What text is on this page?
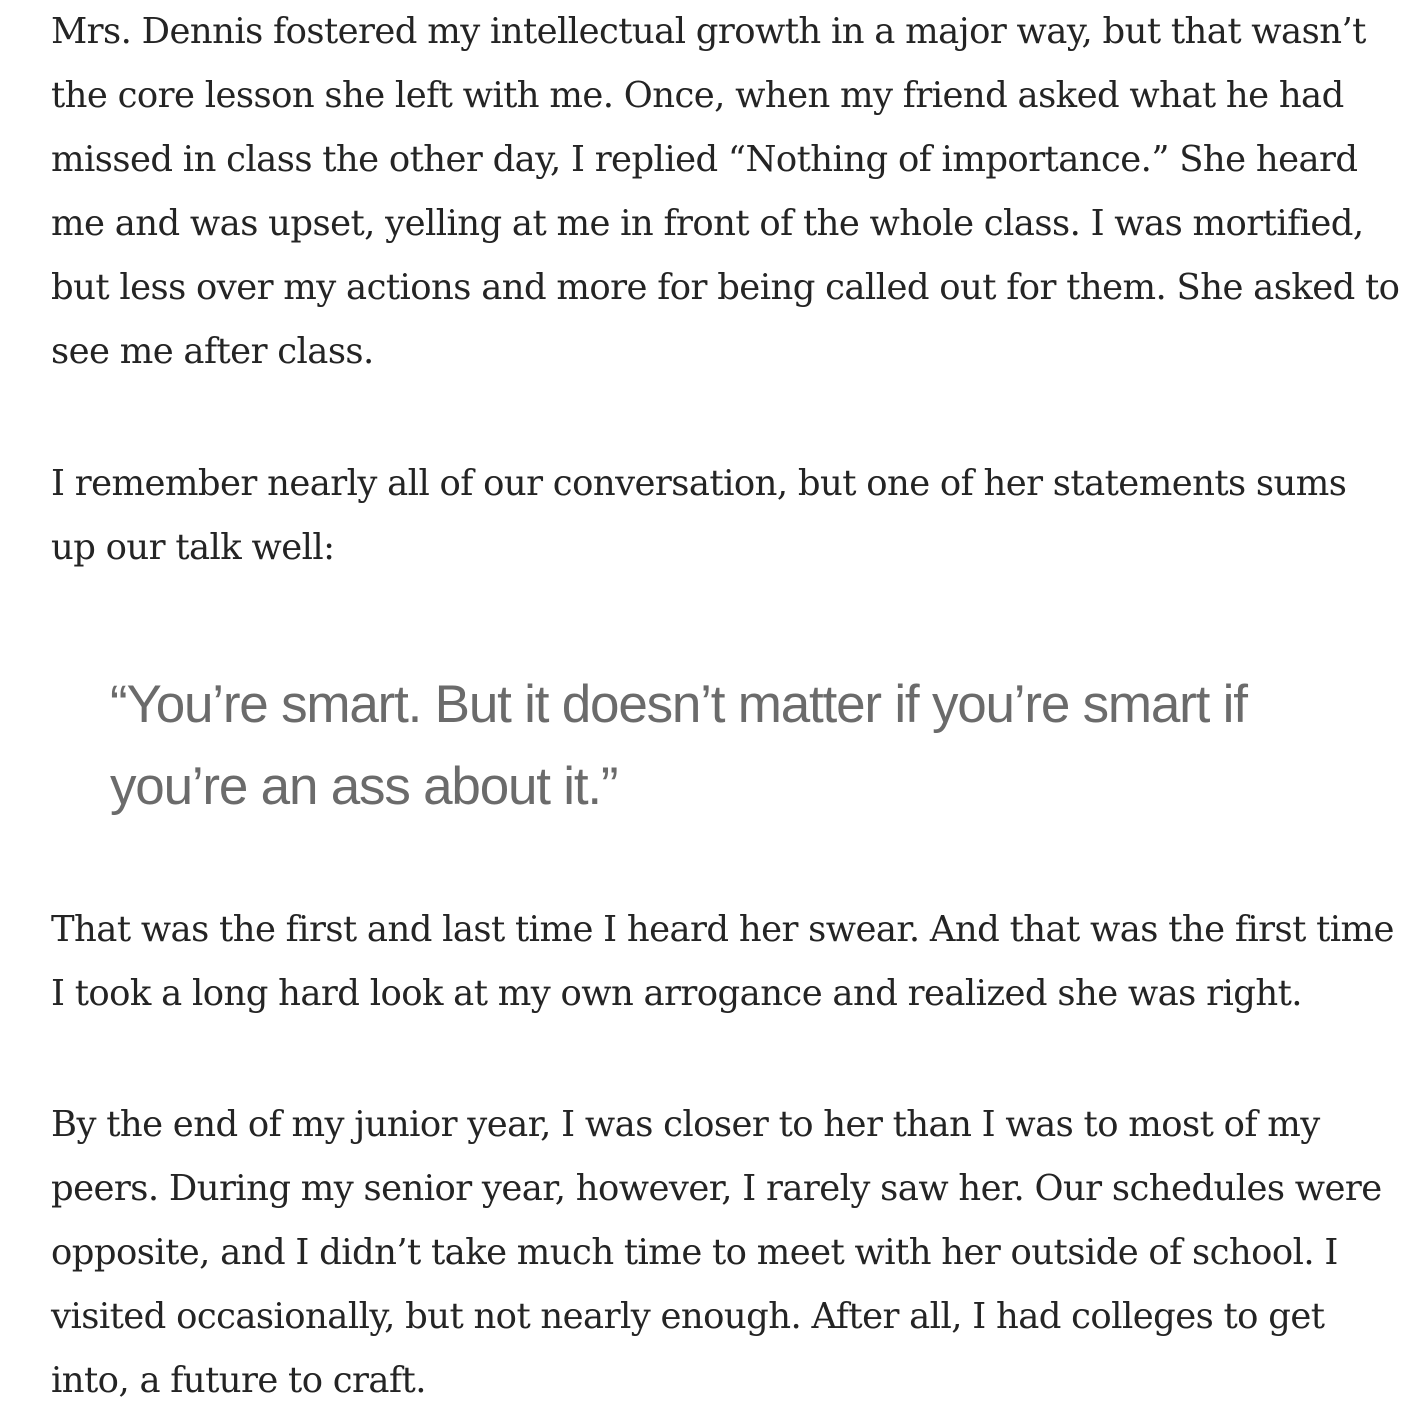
Mrs. Dennis fostered my intellectual growth in a major way, but that wasn’t
the core lesson she left with me. Once, when my friend asked what he had
missed in class the other day, I replied “Nothing of importance.” She heard
me and was upset, yelling at me in front of the whole class. I was mortified,
but less over my actions and more for being called out for them. She asked to
see me after class.

I remember nearly all of our conversation, but one of her statements sums
up our talk well:

“You’re smart. But it doesn’t matter if you’re smart if
you’re an ass about it.”

That was the first and last time I heard her swear. And that was the first time
I took a long hard look at my own arrogance and realized she was right.

By the end of my junior year, I was closer to her than I was to most of my
peers. During my senior year, however, I rarely saw her. Our schedules were
opposite, and I didn’t take much time to meet with her outside of school. I
visited occasionally, but not nearly enough. After all, I had colleges to get
into, a future to craft.
